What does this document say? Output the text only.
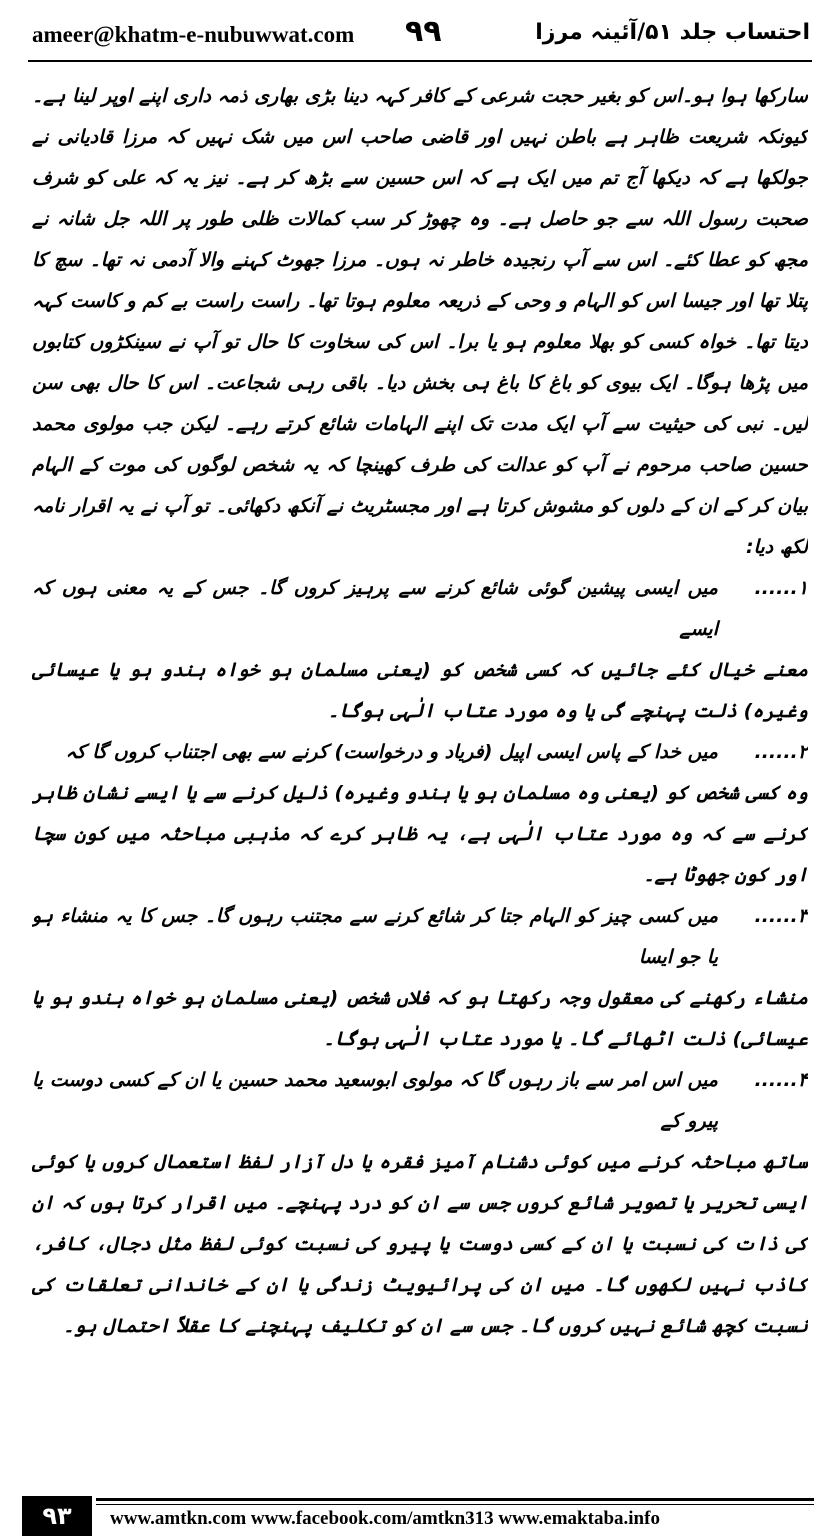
ameer@khatm-e-nubuwwat.com ۹۹	احتساب جلد ۵۱/آئینہ مرزا

سارکھا ہوا ہو۔اس کو بغیر حجت شرعی کے کافر کہہ دینا بڑی بھاری ذمہ داری اپنے اوپر لینا ہے۔ کیونکہ شریعت ظاہر ہے باطن نہیں اور قاضی صاحب اس میں شک نہیں کہ مرزا قادیانی نے جولکھا ہے کہ دیکھا آج تم میں ایک ہے کہ اس حسین سے بڑھ کر ہے۔ نیز یہ کہ علی کو شرف صحبت رسول اللہ سے جو حاصل ہے۔ وہ چھوڑ کر سب کمالات ظلی طور پر اللہ جل شانہ نے مجھ کو عطا کئے۔ اس سے آپ رنجیدہ خاطر نہ ہوں۔ مرزا جھوٹ کہنے والا آدمی نہ تھا۔ سچ کا پتلا تھا اور جیسا اس کو الہام و وحی کے ذریعہ معلوم ہوتا تھا۔ راست راست بے کم و کاست کہہ دیتا تھا۔ خواہ کسی کو بھلا معلوم ہو یا برا۔ اس کی سخاوت کا حال تو آپ نے سینکڑوں کتابوں میں پڑھا ہوگا۔ ایک بیوی کو باغ کا باغ ہی بخش دیا۔ باقی رہی شجاعت۔ اس کا حال بھی سن لیں۔ نبی کی حیثیت سے آپ ایک مدت تک اپنے الہامات شائع کرتے رہے۔ لیکن جب مولوی محمد حسین صاحب مرحوم نے آپ کو عدالت کی طرف کھینچا کہ یہ شخص لوگوں کی موت کے الہام بیان کر کے ان کے دلوں کو مشوش کرتا ہے اور مجسٹریٹ نے آنکھ دکھائی۔ تو آپ نے یہ اقرار نامہ لکھ دیا:

۱......
میں ایسی پیشین گوئی شائع کرنے سے پرہیز کروں گا۔ جس کے یہ معنی ہوں کہ ایسے

معنے خیال کئے جائیں کہ کسی شخص کو (یعنی مسلمان ہو خواہ ہندو ہو یا عیسائی وغیرہ) ذلت پہنچے گی یا وہ مورد عتاب الٰہی ہوگا۔

۲......
میں خدا کے پاس ایسی اپیل (فریاد و درخواست) کرنے سے بھی اجتناب کروں گا کہ

وہ کسی شخص کو (یعنی وہ مسلمان ہو یا ہندو وغیرہ) ذلیل کرنے سے یا ایسے نشان ظاہر کرنے سے کہ وہ مورد عتاب الٰہی ہے، یہ ظاہر کرے کہ مذہبی مباحثہ میں کون سچا اور کون جھوٹا ہے۔

۳......
میں کسی چیز کو الہام جتا کر شائع کرنے سے مجتنب رہوں گا۔ جس کا یہ منشاء ہو یا جو ایسا

منشاء رکھنے کی معقول وجہ رکھتا ہو کہ فلاں شخص (یعنی مسلمان ہو خواہ ہندو ہو یا عیسائی) ذلت اٹھائے گا۔ یا مورد عتاب الٰہی ہوگا۔

۴......
میں اس امر سے باز رہوں گا کہ مولوی ابوسعید محمد حسین یا ان کے کسی دوست یا پیرو کے

ساتھ مباحثہ کرنے میں کوئی دشنام آمیز فقرہ یا دل آزار لفظ استعمال کروں یا کوئی ایسی تحریر یا تصویر شائع کروں جس سے ان کو درد پہنچے۔ میں اقرار کرتا ہوں کہ ان کی ذات کی نسبت یا ان کے کسی دوست یا پیرو کی نسبت کوئی لفظ مثل دجال، کافر، کاذب نہیں لکھوں گا۔ میں ان کی پرائیویٹ زندگی یا ان کے خاندانی تعلقات کی نسبت کچھ شائع نہیں کروں گا۔ جس سے ان کو تکلیف پہنچنے کا عقلاً احتمال ہو۔

۹۳	www.amtkn.com www.facebook.com/amtkn313 www.emaktaba.info
